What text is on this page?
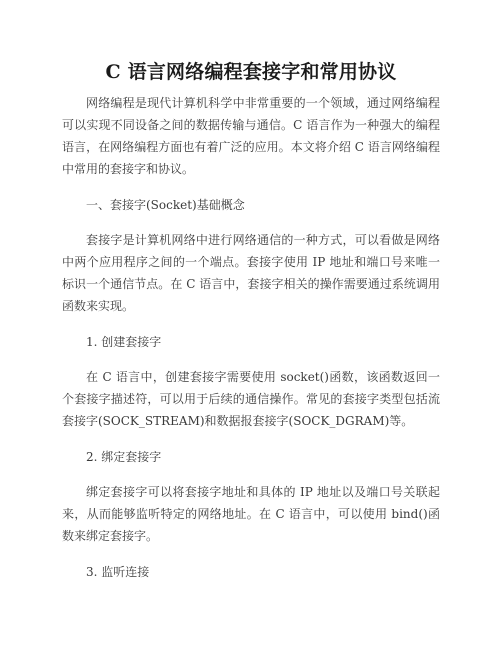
C 语言网络编程套接字和常用协议

网络编程是现代计算机科学中非常重要的一个领域，通过网络编程可以实现不同设备之间的数据传输与通信。C 语言作为一种强大的编程语言，在网络编程方面也有着广泛的应用。本文将介绍 C 语言网络编程中常用的套接字和协议。

一、套接字(Socket)基础概念

套接字是计算机网络中进行网络通信的一种方式，可以看做是网络中两个应用程序之间的一个端点。套接字使用 IP 地址和端口号来唯一标识一个通信节点。在 C 语言中，套接字相关的操作需要通过系统调用函数来实现。

1. 创建套接字

在 C 语言中，创建套接字需要使用 socket()函数，该函数返回一个套接字描述符，可以用于后续的通信操作。常见的套接字类型包括流套接字(SOCK_STREAM)和数据报套接字(SOCK_DGRAM)等。

2. 绑定套接字

绑定套接字可以将套接字地址和具体的 IP 地址以及端口号关联起来，从而能够监听特定的网络地址。在 C 语言中，可以使用 bind()函数来绑定套接字。

3. 监听连接
